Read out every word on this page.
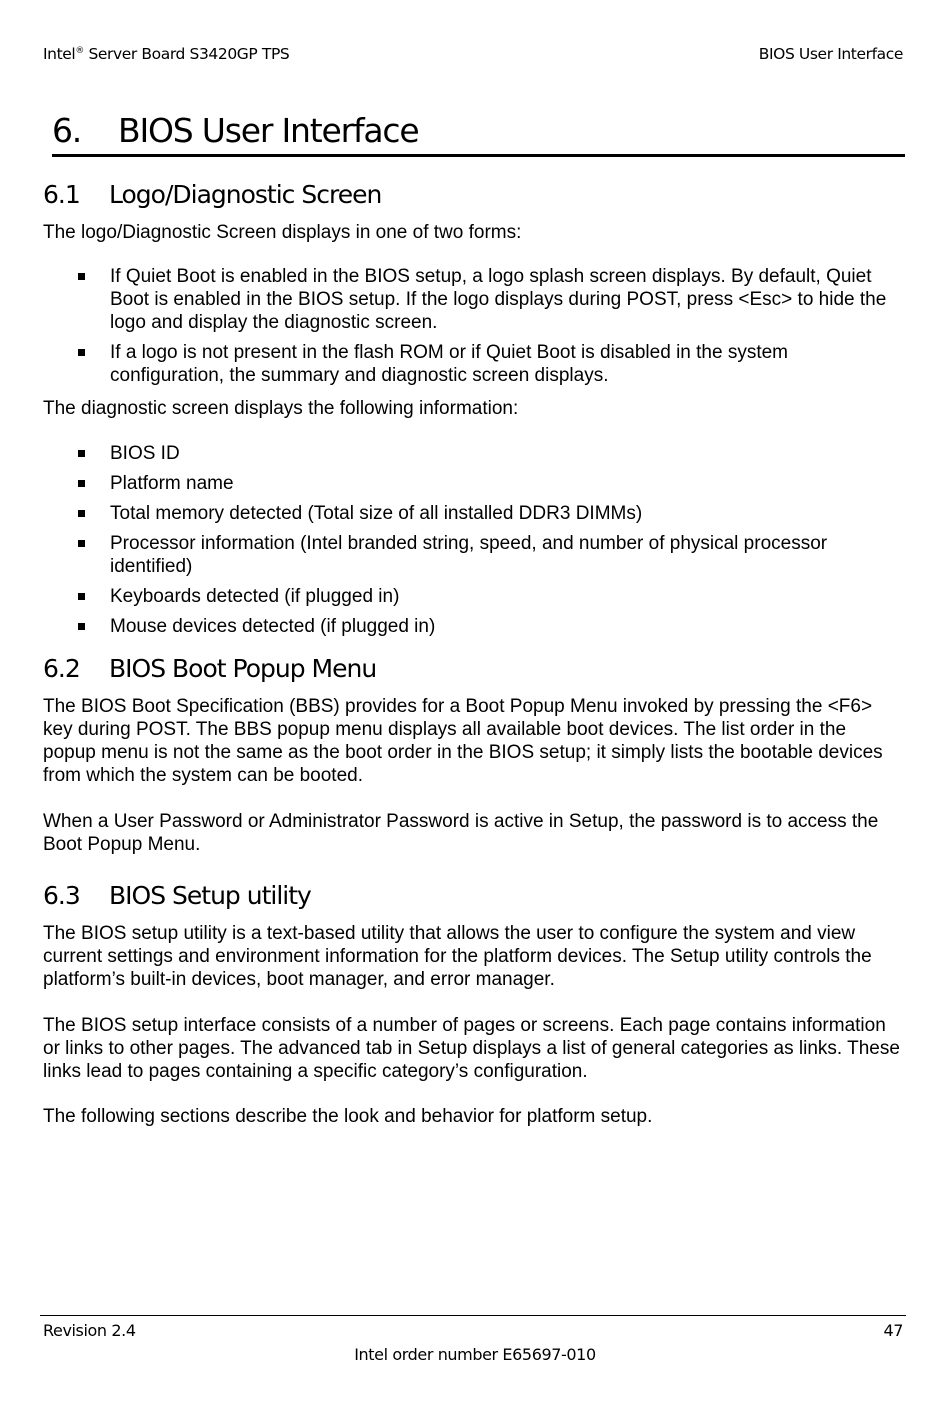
Intel® Server Board S3420GP TPS	BIOS User Interface
6. BIOS User Interface
6.1 Logo/Diagnostic Screen
The logo/Diagnostic Screen displays in one of two forms:
If Quiet Boot is enabled in the BIOS setup, a logo splash screen displays. By default, Quiet Boot is enabled in the BIOS setup. If the logo displays during POST, press <Esc> to hide the logo and display the diagnostic screen.
If a logo is not present in the flash ROM or if Quiet Boot is disabled in the system configuration, the summary and diagnostic screen displays.
The diagnostic screen displays the following information:
BIOS ID
Platform name
Total memory detected (Total size of all installed DDR3 DIMMs)
Processor information (Intel branded string, speed, and number of physical processor identified)
Keyboards detected (if plugged in)
Mouse devices detected (if plugged in)
6.2 BIOS Boot Popup Menu
The BIOS Boot Specification (BBS) provides for a Boot Popup Menu invoked by pressing the <F6> key during POST. The BBS popup menu displays all available boot devices. The list order in the popup menu is not the same as the boot order in the BIOS setup; it simply lists the bootable devices from which the system can be booted.
When a User Password or Administrator Password is active in Setup, the password is to access the Boot Popup Menu.
6.3 BIOS Setup utility
The BIOS setup utility is a text-based utility that allows the user to configure the system and view current settings and environment information for the platform devices. The Setup utility controls the platform’s built-in devices, boot manager, and error manager.
The BIOS setup interface consists of a number of pages or screens. Each page contains information or links to other pages. The advanced tab in Setup displays a list of general categories as links. These links lead to pages containing a specific category’s configuration.
The following sections describe the look and behavior for platform setup.
Revision 2.4	47
Intel order number E65697-010
